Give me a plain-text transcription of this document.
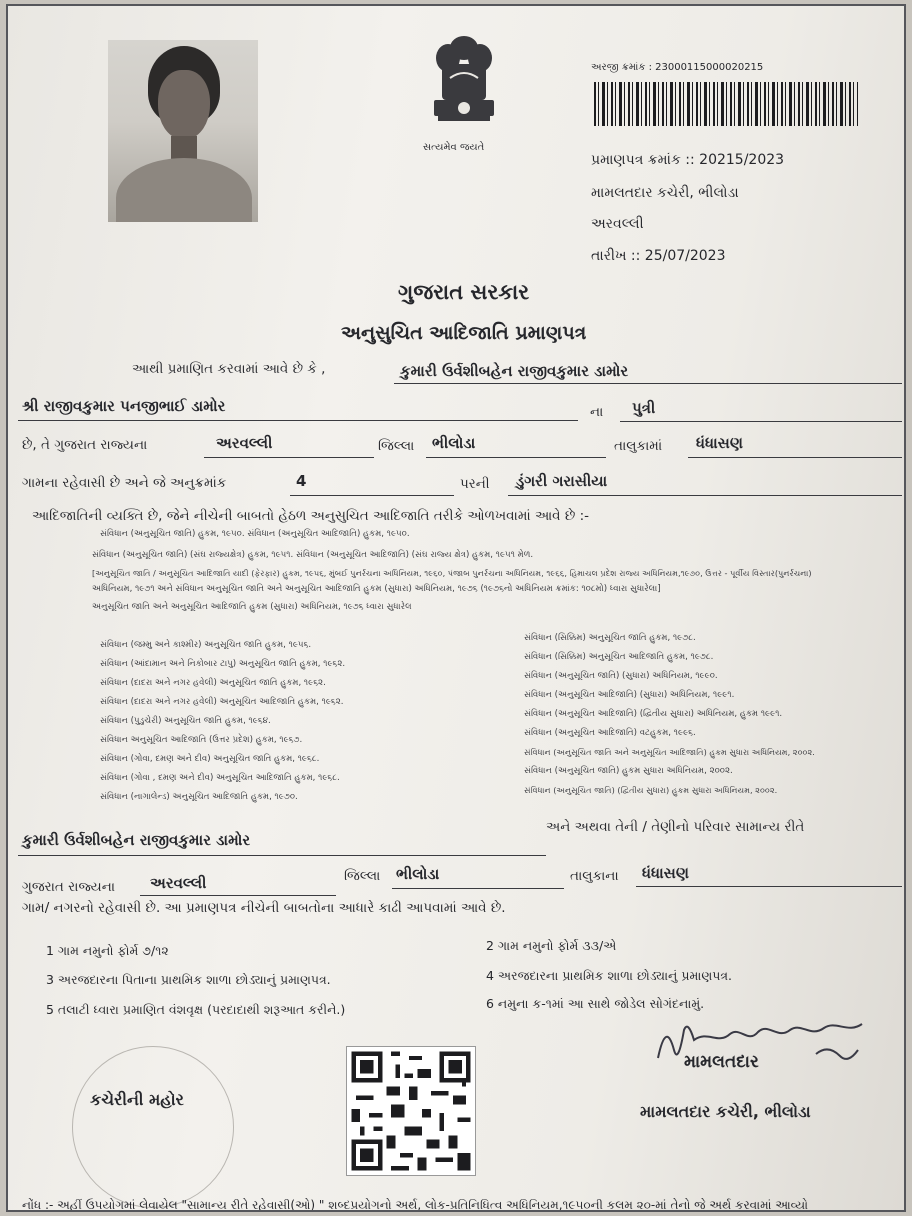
સત્યમેવ જયતે
અરજી ક્રમાંક : 23000115000020215
પ્રમાણપત્ર ક્રમાંક :: 20215/2023
મામલતદાર કચેરી, ભીલોડા
અરવલ્લી
તારીખ :: 25/07/2023
ગુજરાત સરકાર
અનુસુચિત આદિજાતિ પ્રમાણપત્ર
આથી પ્રમાણિત કરવામાં આવે છે કે ,	કુમારી ઉર્વશીબહેન રાજીવકુમાર ડામોર
શ્રી રાજીવકુમાર પનજીભાઈ ડામોર	ના પુત્રી
છે, તે ગુજરાત રાજ્યના	અરવલ્લી	જિલ્લા ભીલોડા	તાલુકામાં ધંધાસણ
ગામના રહેવાસી છે અને જે અનુક્રમાંક	4	પરની ડુંગરી ગરાસીયા
આદિજાતિની વ્યક્તિ છે, જેને નીચેની બાબતો હેઠળ અનુસુચિત આદિજાતિ તરીકે ઓળખવામાં આવે છે :-
સંવિધાન (અનુસૂચિત જાતિ) હુકમ, ૧૯૫૦. સંવિધાન (અનુસૂચિત આદિજાતિ) હુકમ, ૧૯૫૦.
સંવિધાન (અનુસૂચિત જાતિ) (સંઘ રાજ્યક્ષેત્ર) હુકમ, ૧૯૫૧. સંવિધાન (અનુસૂચિત આદિજાતિ) (સંઘ રાજ્ય ક્ષેત્ર) હુકમ, ૧૯૫૧ મેળ.
[અનુસૂચિત જાતિ / અનુસૂચિત આદિજાતિ યાદી (ફેરફાર) હુકમ, ૧૯૫૬, મુંબઈ પુનર્રચના અધિનિયમ, ૧૯૬૦, પંજાબ પુનર્રચના અધિનિયમ, ૧૯૬૬, હિમાચલ પ્રદેશ રાજ્ય અધિનિયમ,૧૯૭૦, ઉત્તર - પૂર્વીય વિસ્તાર(પુનર્રચના)
અધિનિયમ, ૧૯૭૧ અને સંવિધાન અનુસૂચિત જાતિ અને અનુસૂચિત આદિજાતિ હુકમ (સુધારા) અધિનિયમ, ૧૯૭૬ (૧૯૭૬નો અધિનિયમ ક્રમાંક: ૧૦૮મો) ધ્વારા સુધારેલા]
અનુસૂચિત જાતિ અને અનુસૂચિત આદિજાતિ હુકમ (સુધારા) અધિનિયમ, ૧૯૭૬ ધ્વારા સુધારેલ
સંવિધાન (જમ્મુ અને કાશ્મીર) અનુસૂચિત જાતિ હુકમ, ૧૯૫૬.
સંવિધાન (આંદામાન અને નિકોબાર ટાપુ) અનુસૂચિત જાતિ હુકમ, ૧૯૬૨.
સંવિધાન (દાદરા અને નગર હવેલી) અનુસૂચિત જાતિ હુકમ, ૧૯૬૨.
સંવિધાન (દાદરા અને નગર હવેલી) અનુસૂચિત આદિજાતિ હુકમ, ૧૯૬૨.
સંવિધાન (પુડુચેરી) અનુસૂચિત જાતિ હુકમ, ૧૯૬૪.
સંવિધાન અનુસૂચિત આદિજાતિ (ઉત્તર પ્રદેશ) હુકમ, ૧૯૬૭.
સંવિધાન (ગોવા, દમણ અને દીવ) અનુસૂચિત જાતિ હુકમ, ૧૯૬૮.
સંવિધાન (ગોવા , દમણ અને દીવ) અનુસૂચિત આદિજાતિ હુકમ, ૧૯૬૮.
સંવિધાન (નાગાલેન્ડ) અનુસૂચિત આદિજાતિ હુકમ, ૧૯૭૦.
સંવિધાન (સિક્કિમ) અનુસૂચિત જાતિ હુકમ, ૧૯૭૮.
સંવિધાન (સિક્કિમ) અનુસૂચિત આદિજાતિ હુકમ, ૧૯૭૮.
સંવિધાન (અનુસૂચિત જાતિ) (સુધારા) અધિનિયમ, ૧૯૯૦.
સંવિધાન (અનુસૂચિત આદિજાતિ) (સુધારા) અધિનિયમ, ૧૯૯૧.
સંવિધાન (અનુસૂચિત આદિજાતિ) (દ્વિતીય સુધારા) અધિનિયમ, હુકમ ૧૯૯૧.
સંવિધાન (અનુસૂચિત આદિજાતિ) વટહુકમ, ૧૯૯૬.
સંવિધાન (અનુસૂચિત જાતિ અને અનુસૂચિત આદિજાતિ) હુકમ સુધારા અધિનિયમ, ૨૦૦૨.
સંવિધાન (અનુસૂચિત જાતિ) હુકમ સુધારા અધિનિયમ, ૨૦૦૨.
સંવિધાન (અનુસૂચિત જાતિ) (દ્વિતીય સુધારા) હુકમ સુધારા અધિનિયમ, ૨૦૦૨.
કુમારી ઉર્વશીબહેન રાજીવકુમાર ડામોર
અને અથવા તેની / તેણીનો પરિવાર સામાન્ય રીતે
ગુજરાત રાજ્યના અરવલ્લી	જિલ્લા ભીલોડા	તાલુકાના ધંધાસણ
ગામ/ નગરનો રહેવાસી છે. આ પ્રમાણપત્ર નીચેની બાબતોના આધારે કાઢી આપવામાં આવે છે.
1 ગામ નમુનો ફોર્મ ૭/૧૨	2 ગામ નમુનો ફોર્મ ૩૩/એ
3 અરજદારના પિતાના પ્રાથમિક શાળા છોડ્યાનું પ્રમાણપત્ર.	4 અરજદારના પ્રાથમિક શાળા છોડ્યાનું પ્રમાણપત્ર.
5 તલાટી ધ્વારા પ્રમાણિત વંશવૃક્ષ (પરદાદાથી શરૂઆત કરીને.)	6 નમુના ક-૧માં આ સાથે જોડેલ સોગંદનામું.
કચેરીની મહોર
મામલતદાર
મામલતદાર કચેરી, ભીલોડા
નોંધ :- અહીં ઉપયોગમાં લેવાયેલ "સામાન્ય રીતે રહેવાસી(ઓ) " શબ્દપ્રયોગનો અર્થ, લોક-પ્રતિનિધિત્વ અધિનિયમ,૧૯૫૦ની કલમ ૨૦-માં તેનો જે અર્થ કરવામાં આવ્યો
